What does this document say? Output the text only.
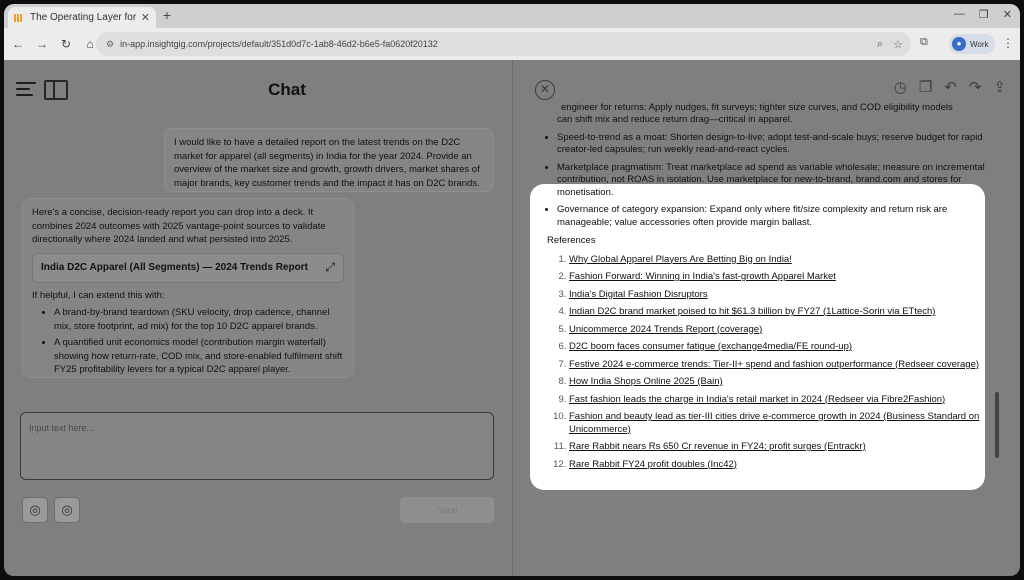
The Operating Layer for ✕ +	— ❐ ✕
←	→	↻	⌂	⚙ in-app.insightgig.com/projects/default/351d0d7c-1ab8-46d2-b6e5-fa0620f20132	⌕ ☆ ⧉	●	Work ⋮
Chat
I would like to have a detailed report on the latest trends on the D2C market for apparel (all segments) in India for the year 2024. Provide an overview of the market size and growth, growth drivers, market shares of major brands, key customer trends and the impact it has on D2C brands.
Here's a concise, decision-ready report you can drop into a deck. It combines 2024 outcomes with 2025 vantage-point sources to validate directionally where 2024 landed and what persisted into 2025.
India D2C Apparel (All Segments) — 2024 Trends Report	⤢
If helpful, I can extend this with:
• A brand-by-brand teardown (SKU velocity, drop cadence, channel mix, store footprint, ad mix) for the top 10 D2C apparel brands.
• A quantified unit economics model (contribution margin waterfall) showing how return-rate, COD mix, and store-enabled fulfilment shift FY25 profitability levers for a typical D2C apparel player.
Input text here...
◎ ◎	Send
✕	◷ ❐ ↶ ↷ ⇪
engineer for returns: Apply nudges, fit surveys; tighter size curves, and COD eligibility models
can shift mix and reduce return drag—critical in apparel.
• Speed-to-trend as a moat: Shorten design-to-live; adopt test-and-scale buys; reserve budget for rapid creator-led capsules; run weekly read-and-react cycles.
• Marketplace pragmatism: Treat marketplace ad spend as variable wholesale; measure on incremental contribution, not ROAS in isolation. Use marketplace for new-to-brand, brand.com and stores for monetisation.
• Governance of category expansion: Expand only where fit/size complexity and return risk are manageable; value accessories often provide margin ballast.
References
1. Why Global Apparel Players Are Betting Big on India!
2. Fashion Forward: Winning in India's fast-growth Apparel Market
3. India's Digital Fashion Disruptors
4. Indian D2C brand market poised to hit $61.3 billion by FY27 (1Lattice-Sorin via ETtech)
5. Unicommerce 2024 Trends Report (coverage)
6. D2C boom faces consumer fatigue (exchange4media/FE round-up)
7. Festive 2024 e-commerce trends: Tier-II+ spend and fashion outperformance (Redseer coverage)
8. How India Shops Online 2025 (Bain)
9. Fast fashion leads the charge in India's retail market in 2024 (Redseer via Fibre2Fashion)
10. Fashion and beauty lead as tier-III cities drive e-commerce growth in 2024 (Business Standard on Unicommerce)
11. Rare Rabbit nears Rs 650 Cr revenue in FY24; profit surges (Entrackr)
12. Rare Rabbit FY24 profit doubles (Inc42)
